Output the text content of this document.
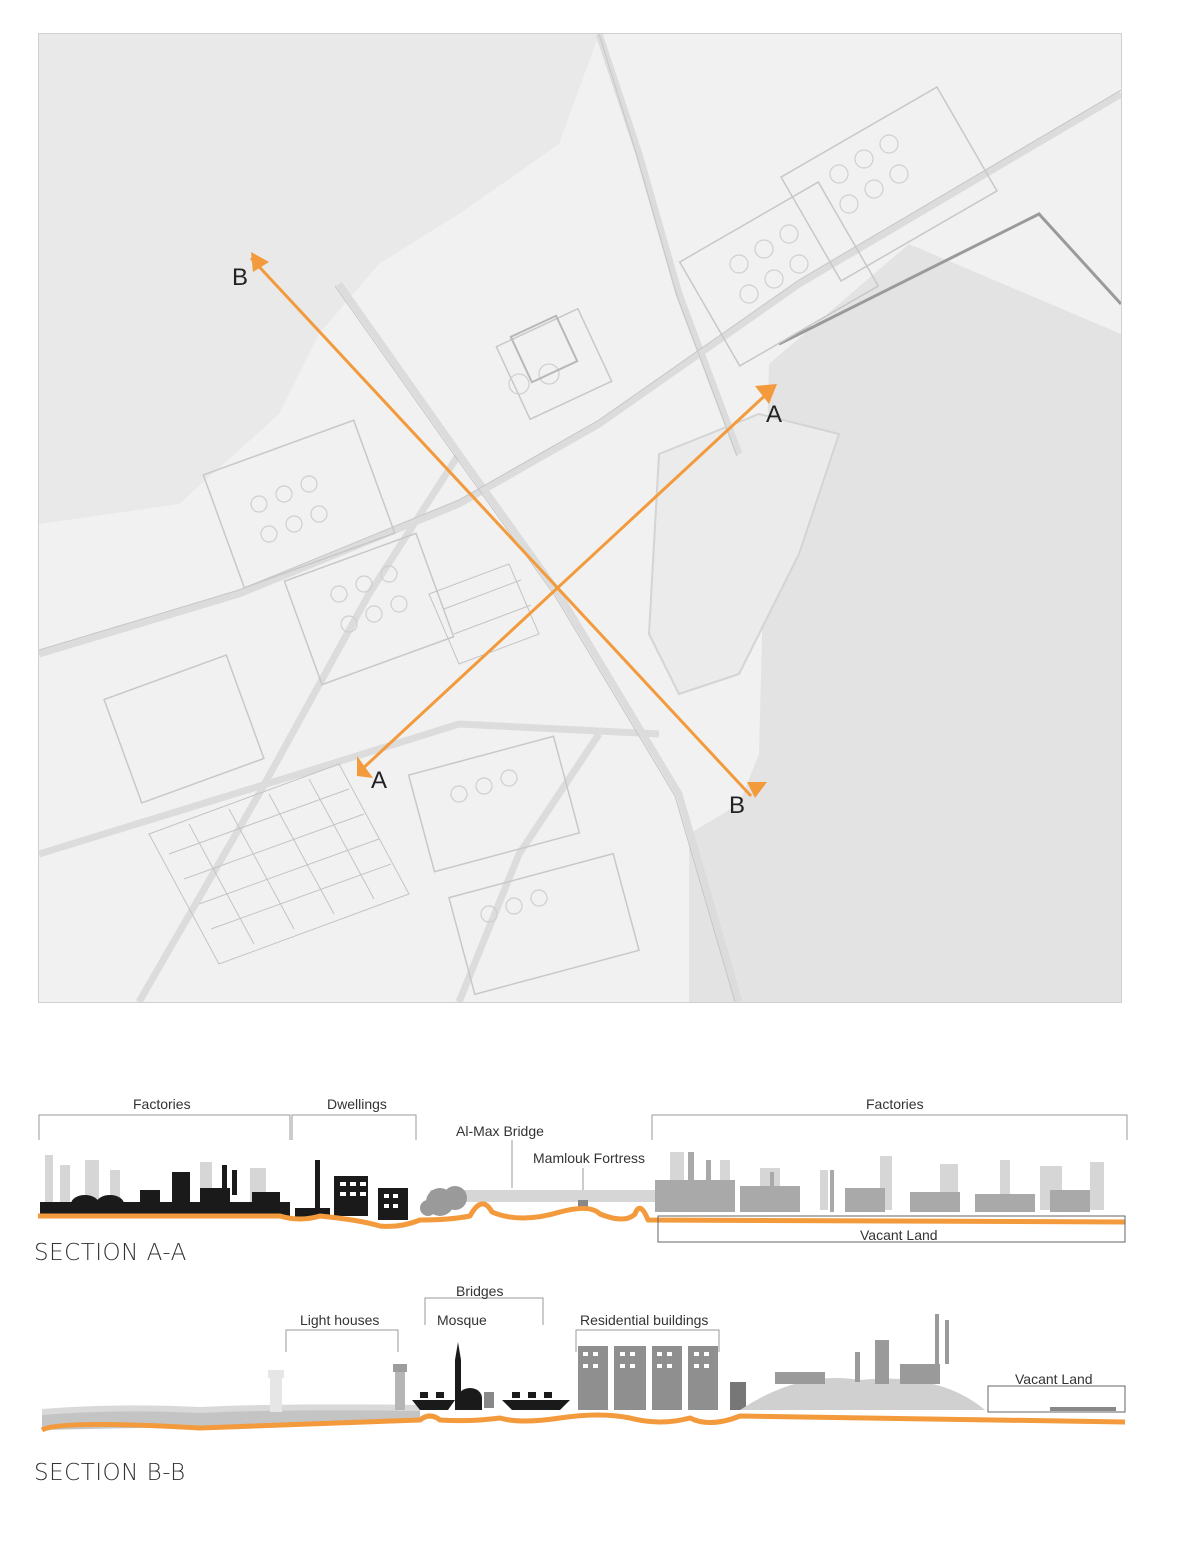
B
A
A
B
Factories	Dwellings
Al-Max Bridge
Mamlouk Fortress
Factories
Vacant Land
SECTION A-A
Bridges
Light houses	Mosque	Residential buildings
Vacant Land
SECTION B-B
